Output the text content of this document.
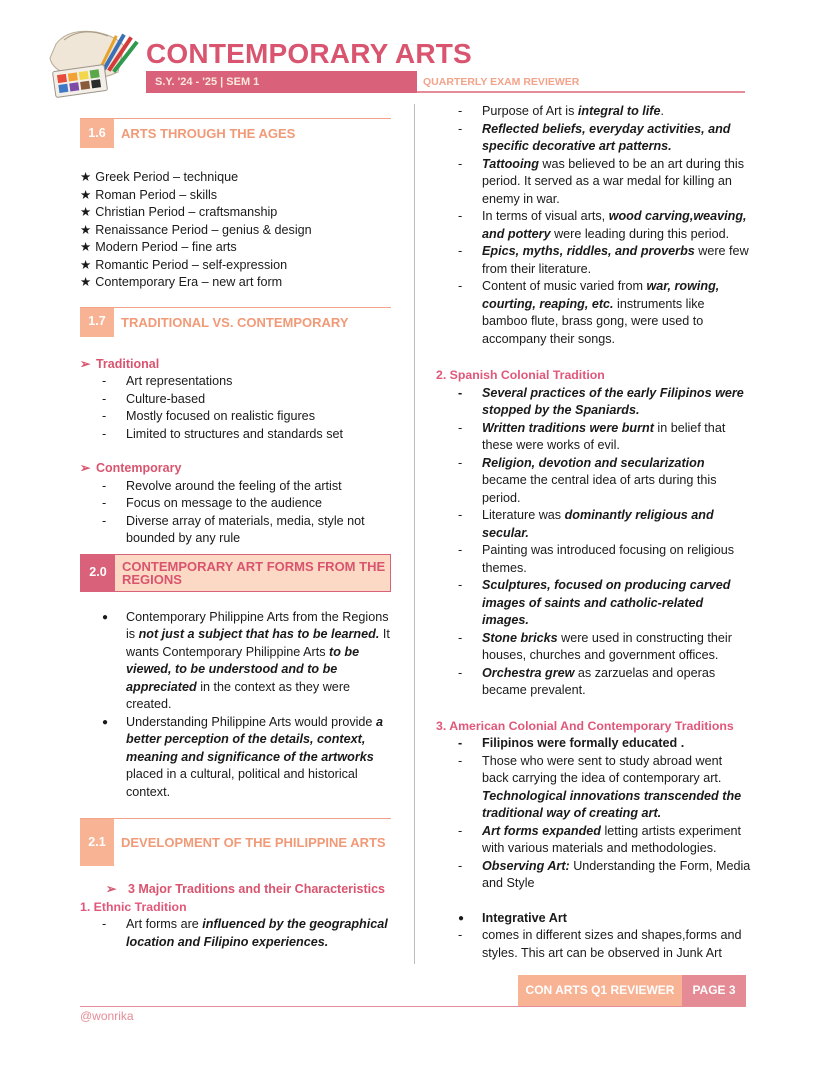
CONTEMPORARY ARTS
S.Y. '24 - '25 | SEM 1	QUARTERLY EXAM REVIEWER
1.6	ARTS THROUGH THE AGES
★ Greek Period – technique
★ Roman Period – skills
★ Christian Period – craftsmanship
★ Renaissance Period – genius & design
★ Modern Period – fine arts
★ Romantic Period – self-expression
★ Contemporary Era – new art form
1.7	TRADITIONAL VS. CONTEMPORARY
➢ Traditional
- Art representations
- Culture-based
- Mostly focused on realistic figures
- Limited to structures and standards set
➢ Contemporary
- Revolve around the feeling of the artist
- Focus on message to the audience
- Diverse array of materials, media, style not bounded by any rule
2.0	CONTEMPORARY ART FORMS FROM THE REGIONS
● Contemporary Philippine Arts from the Regions is not just a subject that has to be learned. It wants Contemporary Philippine Arts to be viewed, to be understood and to be appreciated in the context as they were created.
● Understanding Philippine Arts would provide a better perception of the details, context, meaning and significance of the artworks placed in a cultural, political and historical context.
2.1	DEVELOPMENT OF THE PHILIPPINE ARTS
➢ 3 Major Traditions and their Characteristics
1. Ethnic Tradition
- Art forms are influenced by the geographical location and Filipino experiences.
- Purpose of Art is integral to life.
- Reflected beliefs, everyday activities, and specific decorative art patterns.
- Tattooing was believed to be an art during this period. It served as a war medal for killing an enemy in war.
- In terms of visual arts, wood carving,weaving, and pottery were leading during this period.
- Epics, myths, riddles, and proverbs were few from their literature.
- Content of music varied from war, rowing, courting, reaping, etc. instruments like bamboo flute, brass gong, were used to accompany their songs.
2. Spanish Colonial Tradition
- Several practices of the early Filipinos were stopped by the Spaniards.
- Written traditions were burnt in belief that these were works of evil.
- Religion, devotion and secularization became the central idea of arts during this period.
- Literature was dominantly religious and secular.
- Painting was introduced focusing on religious themes.
- Sculptures, focused on producing carved images of saints and catholic-related images.
- Stone bricks were used in constructing their houses, churches and government offices.
- Orchestra grew as zarzuelas and operas became prevalent.
3. American Colonial And Contemporary Traditions
- Filipinos were formally educated .
- Those who were sent to study abroad went back carrying the idea of contemporary art. Technological innovations transcended the traditional way of creating art.
- Art forms expanded letting artists experiment with various materials and methodologies.
- Observing Art: Understanding the Form, Media and Style
● Integrative Art
- comes in different sizes and shapes,forms and styles. This art can be observed in Junk Art
CON ARTS Q1 REVIEWER	PAGE 3
@wonrika
